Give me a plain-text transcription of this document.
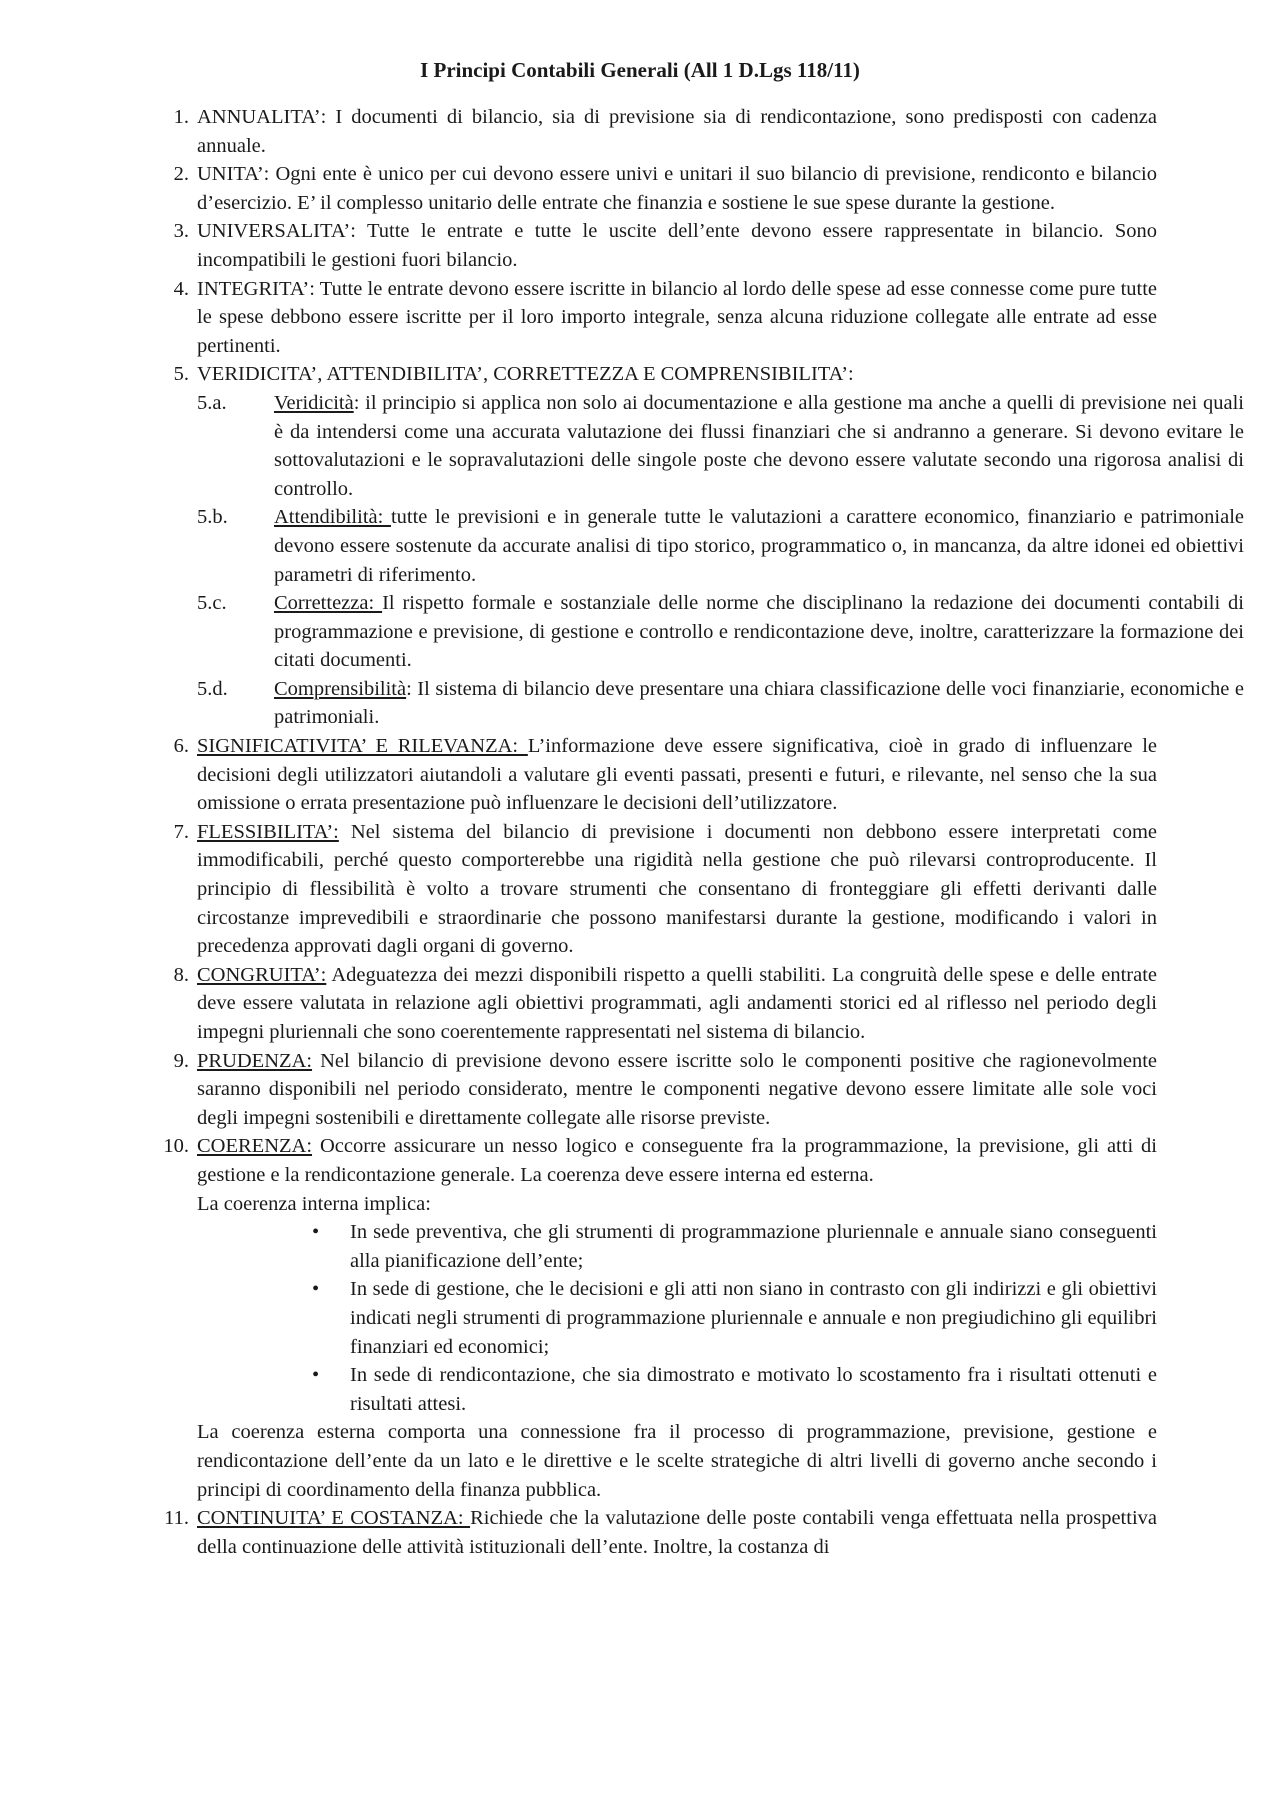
I Principi Contabili Generali (All 1 D.Lgs 118/11)
1. ANNUALITA’: I documenti di bilancio, sia di previsione sia di rendicontazione, sono predisposti con cadenza annuale.
2. UNITA’: Ogni ente è unico per cui devono essere univi e unitari il suo bilancio di previsione, rendiconto e bilancio d’esercizio. E’ il complesso unitario delle entrate che finanzia e sostiene le sue spese durante la gestione.
3. UNIVERSALITA’: Tutte le entrate e tutte le uscite dell’ente devono essere rappresentate in bilancio. Sono incompatibili le gestioni fuori bilancio.
4. INTEGRITA’: Tutte le entrate devono essere iscritte in bilancio al lordo delle spese ad esse connesse come pure tutte le spese debbono essere iscritte per il loro importo integrale, senza alcuna riduzione collegate alle entrate ad esse pertinenti.
5. VERIDICITA’, ATTENDIBILITA’, CORRETTEZZA E COMPRENSIBILITA’:
5.a. Veridicità: il principio si applica non solo ai documentazione e alla gestione ma anche a quelli di previsione nei quali è da intendersi come una accurata valutazione dei flussi finanziari che si andranno a generare. Si devono evitare le sottovalutazioni e le sopravalutazioni delle singole poste che devono essere valutate secondo una rigorosa analisi di controllo.
5.b. Attendibilità: tutte le previsioni e in generale tutte le valutazioni a carattere economico, finanziario e patrimoniale devono essere sostenute da accurate analisi di tipo storico, programmatico o, in mancanza, da altre idonei ed obiettivi parametri di riferimento.
5.c. Correttezza: Il rispetto formale e sostanziale delle norme che disciplinano la redazione dei documenti contabili di programmazione e previsione, di gestione e controllo e rendicontazione deve, inoltre, caratterizzare la formazione dei citati documenti.
5.d. Comprensibilità: Il sistema di bilancio deve presentare una chiara classificazione delle voci finanziarie, economiche e patrimoniali.
6. SIGNIFICATIVITA’ E RILEVANZA: L’informazione deve essere significativa, cioè in grado di influenzare le decisioni degli utilizzatori aiutandoli a valutare gli eventi passati, presenti e futuri, e rilevante, nel senso che la sua omissione o errata presentazione può influenzare le decisioni dell’utilizzatore.
7. FLESSIBILITA’: Nel sistema del bilancio di previsione i documenti non debbono essere interpretati come immodificabili, perché questo comporterebbe una rigidità nella gestione che può rilevarsi controproducente. Il principio di flessibilità è volto a trovare strumenti che consentano di fronteggiare gli effetti derivanti dalle circostanze imprevedibili e straordinarie che possono manifestarsi durante la gestione, modificando i valori in precedenza approvati dagli organi di governo.
8. CONGRUITA’: Adeguatezza dei mezzi disponibili rispetto a quelli stabiliti. La congruità delle spese e delle entrate deve essere valutata in relazione agli obiettivi programmati, agli andamenti storici ed al riflesso nel periodo degli impegni pluriennali che sono coerentemente rappresentati nel sistema di bilancio.
9. PRUDENZA: Nel bilancio di previsione devono essere iscritte solo le componenti positive che ragionevolmente saranno disponibili nel periodo considerato, mentre le componenti negative devono essere limitate alle sole voci degli impegni sostenibili e direttamente collegate alle risorse previste.
10. COERENZA: Occorre assicurare un nesso logico e conseguente fra la programmazione, la previsione, gli atti di gestione e la rendicontazione generale. La coerenza deve essere interna ed esterna.
La coerenza interna implica:
• In sede preventiva, che gli strumenti di programmazione pluriennale e annuale siano conseguenti alla pianificazione dell’ente;
• In sede di gestione, che le decisioni e gli atti non siano in contrasto con gli indirizzi e gli obiettivi indicati negli strumenti di programmazione pluriennale e annuale e non pregiudichino gli equilibri finanziari ed economici;
• In sede di rendicontazione, che sia dimostrato e motivato lo scostamento fra i risultati ottenuti e risultati attesi.
La coerenza esterna comporta una connessione fra il processo di programmazione, previsione, gestione e rendicontazione dell’ente da un lato e le direttive e le scelte strategiche di altri livelli di governo anche secondo i principi di coordinamento della finanza pubblica.
11. CONTINUITA’ E COSTANZA: Richiede che la valutazione delle poste contabili venga effettuata nella prospettiva della continuazione delle attività istituzionali dell’ente. Inoltre, la costanza di
